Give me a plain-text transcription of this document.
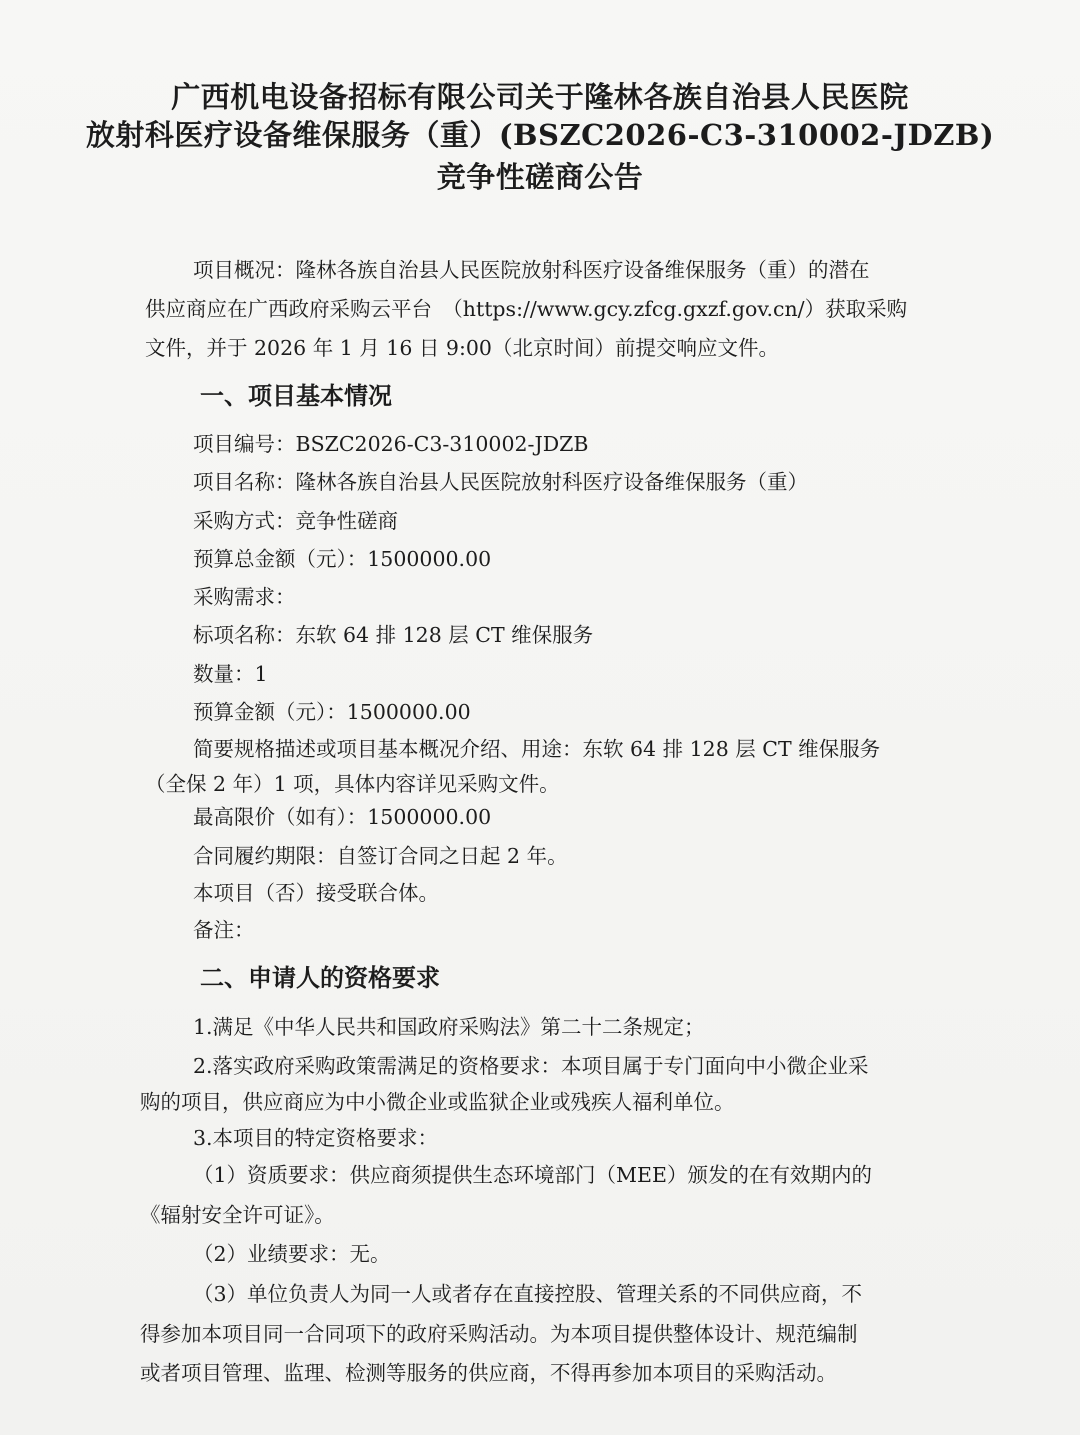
广西机电设备招标有限公司关于隆林各族自治县人民医院
放射科医疗设备维保服务（重）(BSZC2026-C3-310002-JDZB)
竞争性磋商公告
项目概况：隆林各族自治县人民医院放射科医疗设备维保服务（重）的潜在
供应商应在广西政府采购云平台　（https://www.gcy.zfcg.gxzf.gov.cn/）获取采购
文件，并于 2026 年 1 月 16 日 9:00（北京时间）前提交响应文件。
一、项目基本情况
项目编号：BSZC2026-C3-310002-JDZB
项目名称：隆林各族自治县人民医院放射科医疗设备维保服务（重）
采购方式：竞争性磋商
预算总金额（元）：1500000.00
采购需求：
标项名称：东软 64 排 128 层 CT 维保服务
数量：1
预算金额（元）：1500000.00
简要规格描述或项目基本概况介绍、用途：东软 64 排 128 层 CT 维保服务
（全保 2 年）1 项，具体内容详见采购文件。
最高限价（如有）：1500000.00
合同履约期限：自签订合同之日起 2 年。
本项目（否）接受联合体。
备注：
二、申请人的资格要求
1.满足《中华人民共和国政府采购法》第二十二条规定；
2.落实政府采购政策需满足的资格要求：本项目属于专门面向中小微企业采
购的项目，供应商应为中小微企业或监狱企业或残疾人福利单位。
3.本项目的特定资格要求：
（1）资质要求：供应商须提供生态环境部门（MEE）颁发的在有效期内的
《辐射安全许可证》。
（2）业绩要求：无。
（3）单位负责人为同一人或者存在直接控股、管理关系的不同供应商，不
得参加本项目同一合同项下的政府采购活动。为本项目提供整体设计、规范编制
或者项目管理、监理、检测等服务的供应商，不得再参加本项目的采购活动。
